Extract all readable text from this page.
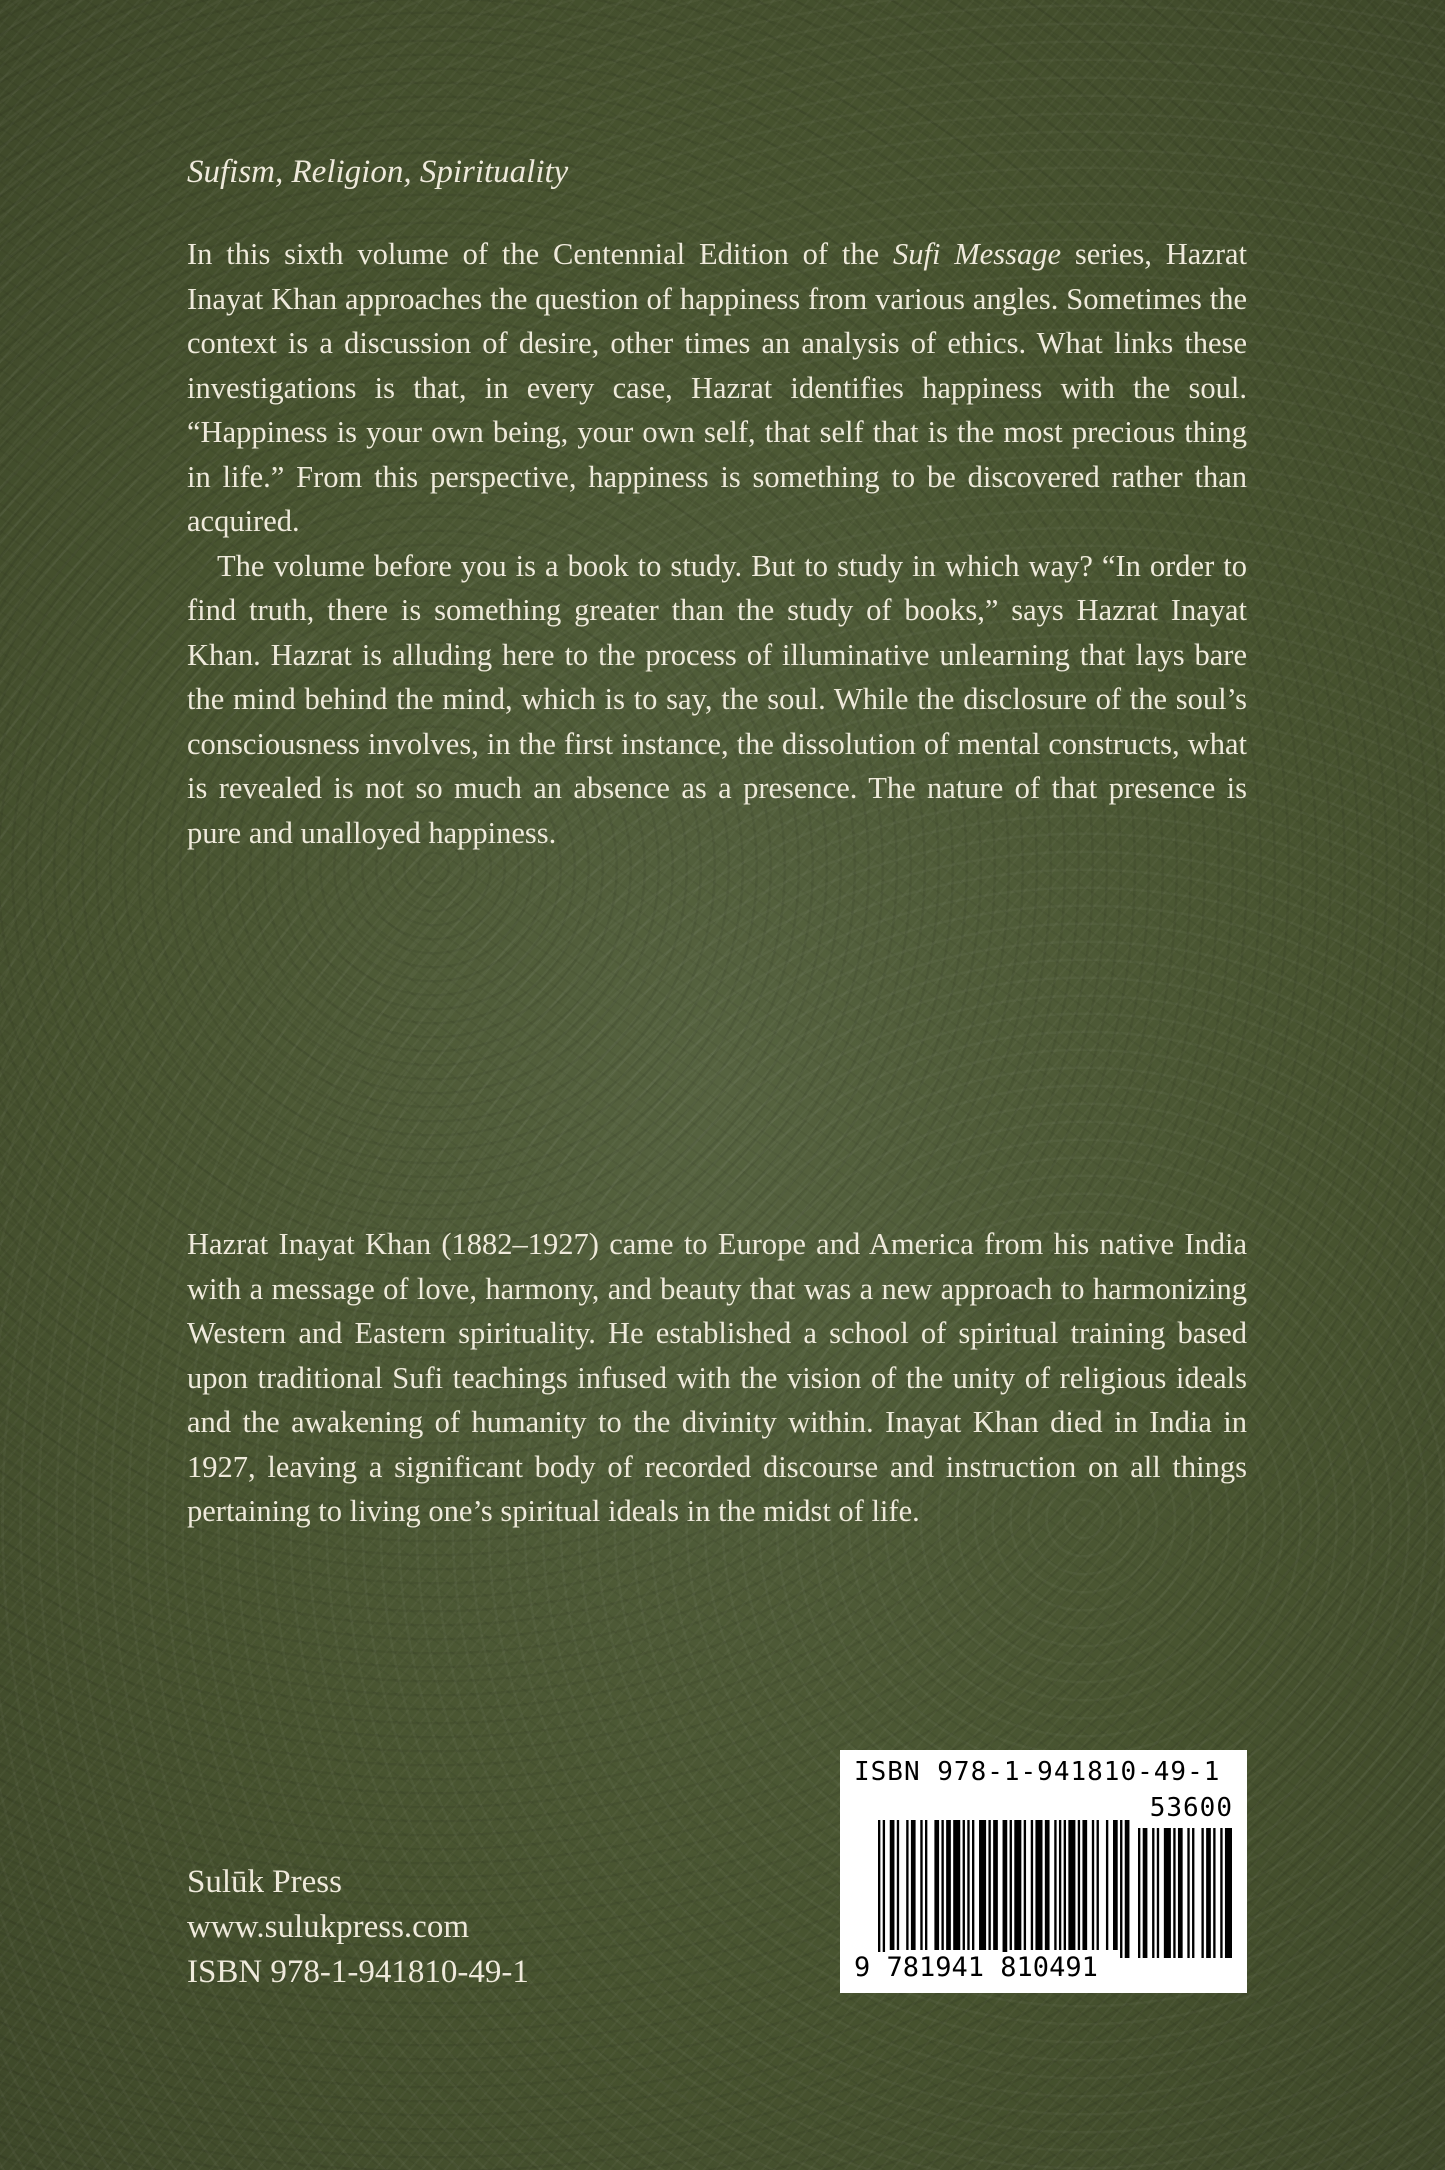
Sufism, Religion, Spirituality

In this sixth volume of the Centennial Edition of the Sufi Message series, Hazrat Inayat Khan approaches the question of happiness from various angles. Sometimes the context is a discussion of desire, other times an analysis of ethics. What links these investigations is that, in every case, Hazrat identifies happiness with the soul. “Happiness is your own being, your own self, that self that is the most precious thing in life.” From this perspective, happiness is something to be discovered rather than acquired.

The volume before you is a book to study. But to study in which way? “In order to find truth, there is something greater than the study of books,” says Hazrat Inayat Khan. Hazrat is alluding here to the process of illuminative unlearning that lays bare the mind behind the mind, which is to say, the soul. While the disclosure of the soul’s consciousness involves, in the first instance, the dissolution of mental constructs, what is revealed is not so much an absence as a presence. The nature of that presence is pure and unalloyed happiness.

Hazrat Inayat Khan (1882–1927) came to Europe and America from his native India with a message of love, harmony, and beauty that was a new approach to harmonizing Western and Eastern spirituality. He established a school of spiritual training based upon traditional Sufi teachings infused with the vision of the unity of religious ideals and the awakening of humanity to the divinity within. Inayat Khan died in India in 1927, leaving a significant body of recorded discourse and instruction on all things pertaining to living one’s spiritual ideals in the midst of life.

Sulūk Press
www.sulukpress.com
ISBN 978-1-941810-49-1
ISBN 978-1-941810-49-1
53600
9 781941 810491
